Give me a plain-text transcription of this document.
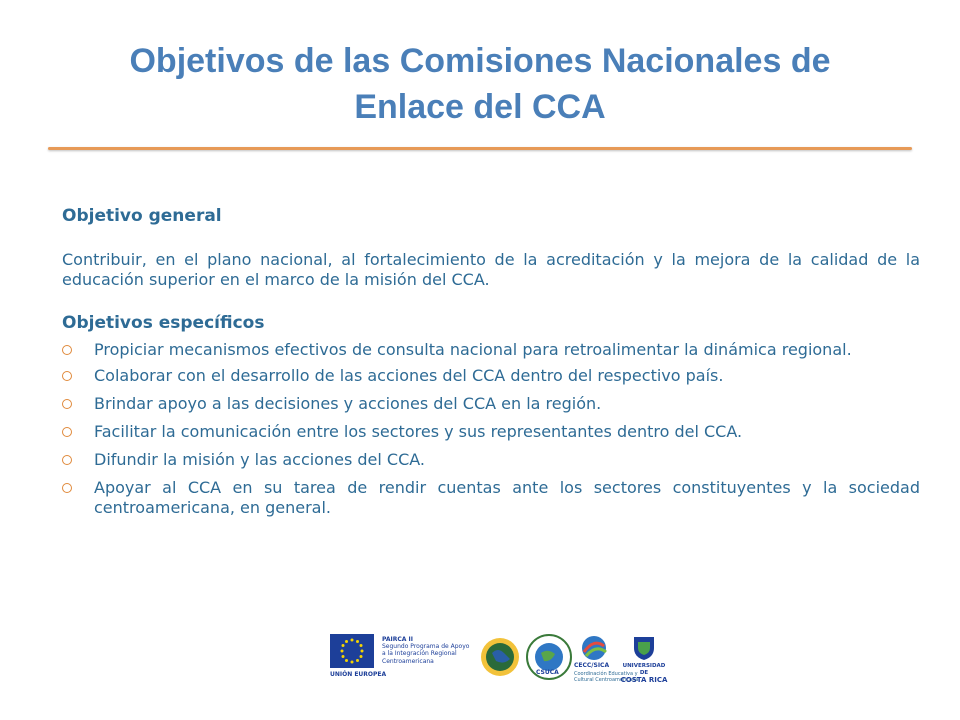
Objetivos de las Comisiones Nacionales de
Enlace del CCA
Objetivo general
Contribuir, en el plano nacional, al fortalecimiento de la acreditación y la mejora de la calidad de la educación superior en el marco de la misión del CCA.
Objetivos específicos
Propiciar mecanismos efectivos de consulta nacional para retroalimentar la dinámica regional.
Colaborar con el desarrollo de las acciones del CCA dentro del respectivo país.
Brindar apoyo a las decisiones y acciones del CCA en la región.
Facilitar la comunicación entre los sectores y sus representantes dentro del CCA.
Difundir la misión y las acciones del CCA.
Apoyar al CCA en su tarea de rendir cuentas ante los sectores constituyentes y la sociedad centroamericana, en general.
UNIÓN EUROPEA
PAIRCA II
Segundo Programa de Apoyo
a la Integración Regional
Centroamericana
CSUCA
CECC/SICA
Coordinación Educativa y
Cultural Centroamericana
UNIVERSIDAD DE
COSTA RICA
